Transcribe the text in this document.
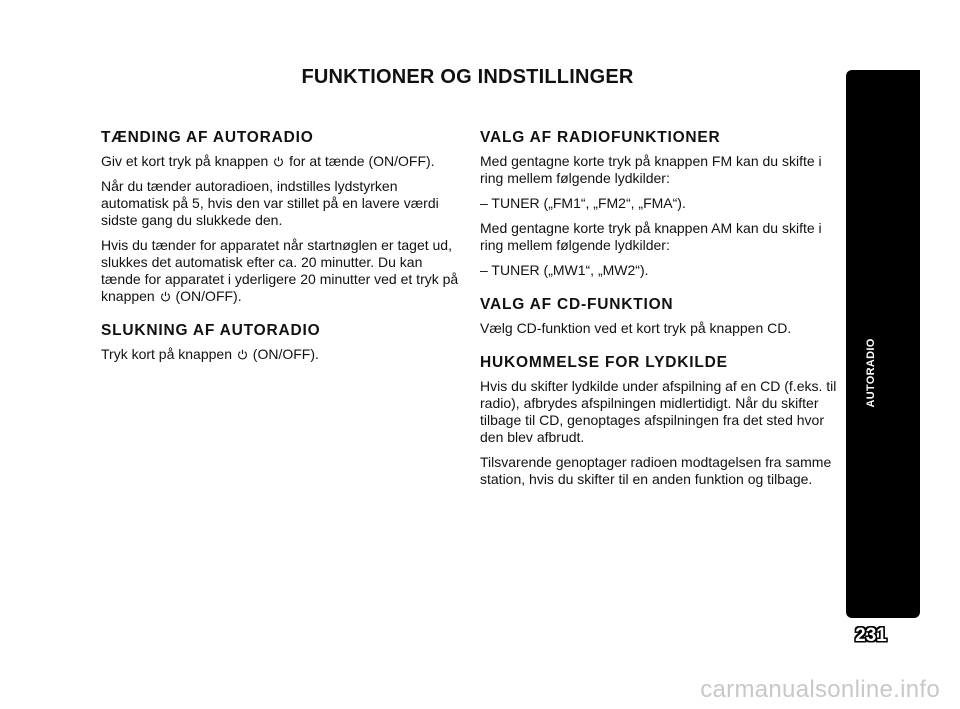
FUNKTIONER OG INDSTILLINGER
TÆNDING AF AUTORADIO

Giv et kort tryk på knappen for at tænde (ON/OFF).

Når du tænder autoradioen, indstilles lydstyrken automatisk på 5, hvis den var stillet på en lavere værdi sidste gang du slukkede den.

Hvis du tænder for apparatet når startnøglen er taget ud, slukkes det automatisk efter ca. 20 minutter. Du kan tænde for apparatet i yderligere 20 minutter ved et tryk på knappen (ON/OFF).

SLUKNING AF AUTORADIO

Tryk kort på knappen (ON/OFF).

VALG AF RADIOFUNKTIONER

Med gentagne korte tryk på knappen FM kan du skifte i ring mellem følgende lydkilder:

– TUNER („FM1“, „FM2“, „FMA“).

Med gentagne korte tryk på knappen AM kan du skifte i ring mellem følgende lydkilder:

– TUNER („MW1“, „MW2“).

VALG AF CD-FUNKTION

Vælg CD-funktion ved et kort tryk på knappen CD.

HUKOMMELSE FOR LYDKILDE

Hvis du skifter lydkilde under afspilning af en CD (f.eks. til radio), afbrydes afspilningen midlertidigt. Når du skifter tilbage til CD, genoptages afspilningen fra det sted hvor den blev afbrudt.

Tilsvarende genoptager radioen modtagelsen fra samme station, hvis du skifter til en anden funktion og tilbage.

AUTORADIO
231
carmanualsonline.info
